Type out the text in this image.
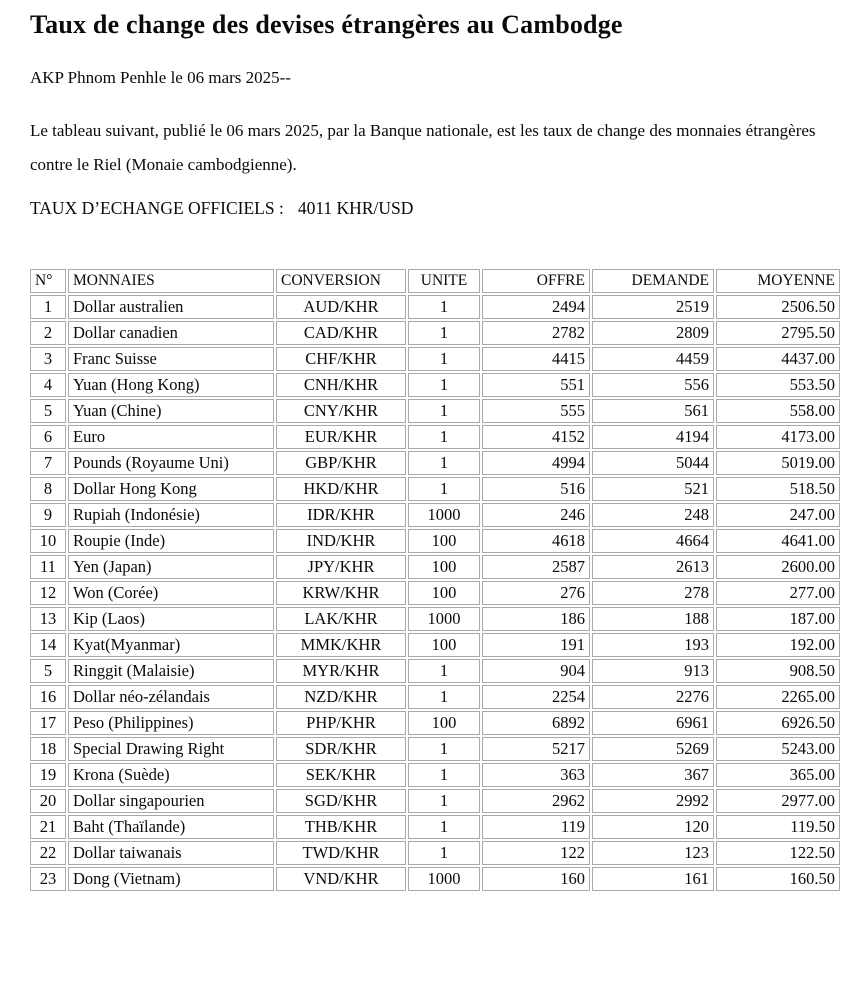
Taux de change des devises étrangères au Cambodge

AKP Phnom Penhle le 06 mars 2025--

Le tableau suivant, publié le 06 mars 2025, par la Banque nationale, est les taux de change des monnaies étrangères contre le Riel (Monaie cambodgienne).

TAUX D’ECHANGE OFFICIELS : 4011 KHR/USD

N°	MONNAIES	CONVERSION	UNITE	OFFRE	DEMANDE	MOYENNE
1	Dollar australien	AUD/KHR	1	2494	2519	2506.50
2	Dollar canadien	CAD/KHR	1	2782	2809	2795.50
3	Franc Suisse	CHF/KHR	1	4415	4459	4437.00
4	Yuan (Hong Kong)	CNH/KHR	1	551	556	553.50
5	Yuan (Chine)	CNY/KHR	1	555	561	558.00
6	Euro	EUR/KHR	1	4152	4194	4173.00
7	Pounds (Royaume Uni)	GBP/KHR	1	4994	5044	5019.00
8	Dollar Hong Kong	HKD/KHR	1	516	521	518.50
9	Rupiah (Indonésie)	IDR/KHR	1000	246	248	247.00
10	Roupie (Inde)	IND/KHR	100	4618	4664	4641.00
11	Yen (Japan)	JPY/KHR	100	2587	2613	2600.00
12	Won (Corée)	KRW/KHR	100	276	278	277.00
13	Kip (Laos)	LAK/KHR	1000	186	188	187.00
14	Kyat(Myanmar)	MMK/KHR	100	191	193	192.00
5	Ringgit (Malaisie)	MYR/KHR	1	904	913	908.50
16	Dollar néo-zélandais	NZD/KHR	1	2254	2276	2265.00
17	Peso (Philippines)	PHP/KHR	100	6892	6961	6926.50
18	Special Drawing Right	SDR/KHR	1	5217	5269	5243.00
19	Krona (Suède)	SEK/KHR	1	363	367	365.00
20	Dollar singapourien	SGD/KHR	1	2962	2992	2977.00
21	Baht (Thaïlande)	THB/KHR	1	119	120	119.50
22	Dollar taiwanais	TWD/KHR	1	122	123	122.50
23	Dong (Vietnam)	VND/KHR	1000	160	161	160.50
